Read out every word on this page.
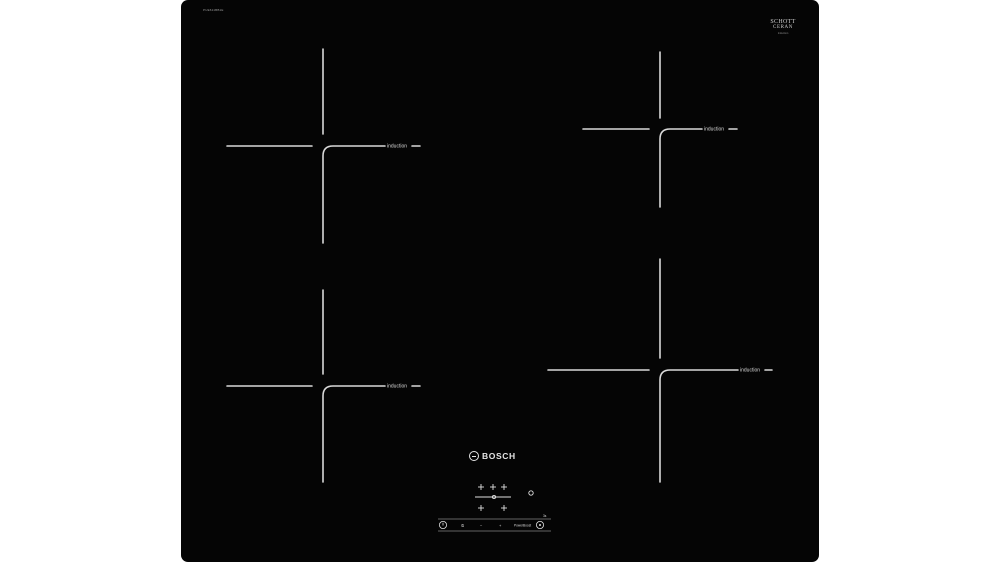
PUE611BB1E
SCHOTT
CERAN
Induction
induction
induction
induction
induction
3s
⏲	−	+	PowerBoost
BOSCH
